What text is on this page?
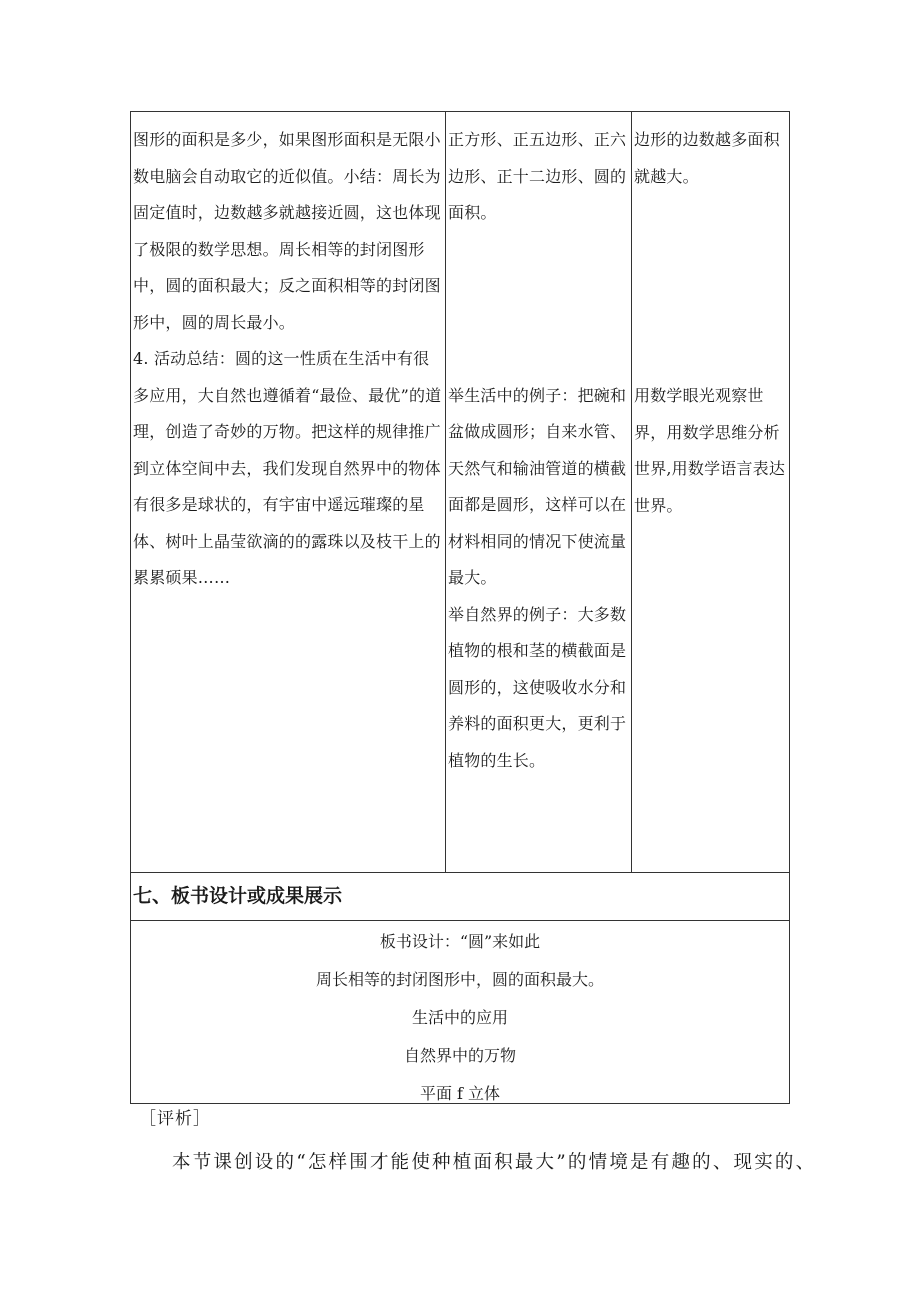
图形的面积是多少，如果图形面积是无限小数电脑会自动取它的近似值。小结：周长为固定值时，边数越多就越接近圆，这也体现了极限的数学思想。周长相等的封闭图形中，圆的面积最大；反之面积相等的封闭图形中，圆的周长最小。

4. 活动总结：圆的这一性质在生活中有很多应用，大自然也遵循着“最俭、最优”的道理，创造了奇妙的万物。把这样的规律推广到立体空间中去，我们发现自然界中的物体有很多是球状的，有宇宙中遥远璀璨的星体、树叶上晶莹欲滴的的露珠以及枝干上的累累硕果……

正方形、正五边形、正六边形、正十二边形、圆的面积。

举生活中的例子：把碗和盆做成圆形；自来水管、天然气和输油管道的横截面都是圆形，这样可以在材料相同的情况下使流量最大。

举自然界的例子：大多数植物的根和茎的横截面是圆形的，这使吸收水分和养料的面积更大，更利于植物的生长。

边形的边数越多面积就越大。

用数学眼光观察世界，用数学思维分析世界,用数学语言表达世界。

七、板书设计或成果展示
板书设计：“圆”来如此
周长相等的封闭图形中，圆的面积最大。
生活中的应用
自然界中的万物
平面 f 立体
［评析］
本节课创设的“怎样围才能使种植面积最大”的情境是有趣的、现实的、
